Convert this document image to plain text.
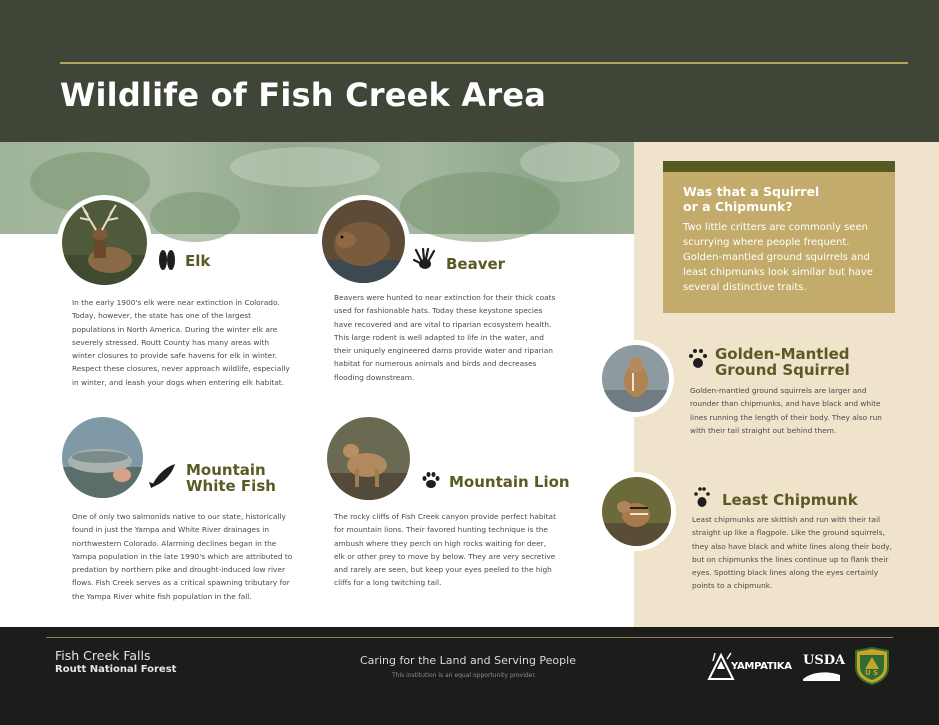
Wildlife of Fish Creek Area
Was that a Squirrel or a Chipmunk?
Two little critters are commonly seen scurrying where people frequent. Golden-mantled ground squirrels and least chipmunks look similar but have several distinctive traits.
Elk
In the early 1900's elk were near extinction in Colorado. Today, however, the state has one of the largest populations in North America. During the winter elk are severely stressed. Routt County has many areas with winter closures to provide safe havens for elk in winter. Respect these closures, never approach wildlife, especially in winter, and leash your dogs when entering elk habitat.
Beaver
Beavers were hunted to near extinction for their thick coats used for fashionable hats. Today these keystone species have recovered and are vital to riparian ecosystem health. This large rodent is well adapted to life in the water, and their uniquely engineered dams provide water and riparian habitat for numerous animals and birds and decreases flooding downstream.
Mountain
White Fish
One of only two salmonids native to our state, historically found in just the Yampa and White River drainages in northwestern Colorado. Alarming declines began in the Yampa population in the late 1990's which are attributed to predation by northern pike and drought-induced low river flows. Fish Creek serves as a critical spawning tributary for the Yampa River white fish population in the fall.
Mountain Lion
The rocky cliffs of Fish Creek canyon provide perfect habitat for mountain lions. Their favored hunting technique is the ambush where they perch on high rocks waiting for deer, elk or other prey to move by below. They are very secretive and rarely are seen, but keep your eyes peeled to the high cliffs for a long twitching tail.
Golden-Mantled
Ground Squirrel
Golden-mantled ground squirrels are larger and rounder than chipmunks, and have black and white lines running the length of their body. They also run with their tail straight out behind them.
Least Chipmunk
Least chipmunks are skittish and run with their tail straight up like a flagpole. Like the ground squirrels, they also have black and white lines along their body, but on chipmunks the lines continue up to flank their eyes. Spotting black lines along the eyes certainly points to a chipmunk.
Fish Creek Falls
Routt National Forest
Caring for the Land and Serving People
This institution is an equal opportunity provider.
YAMPATIKA USDA
U S
